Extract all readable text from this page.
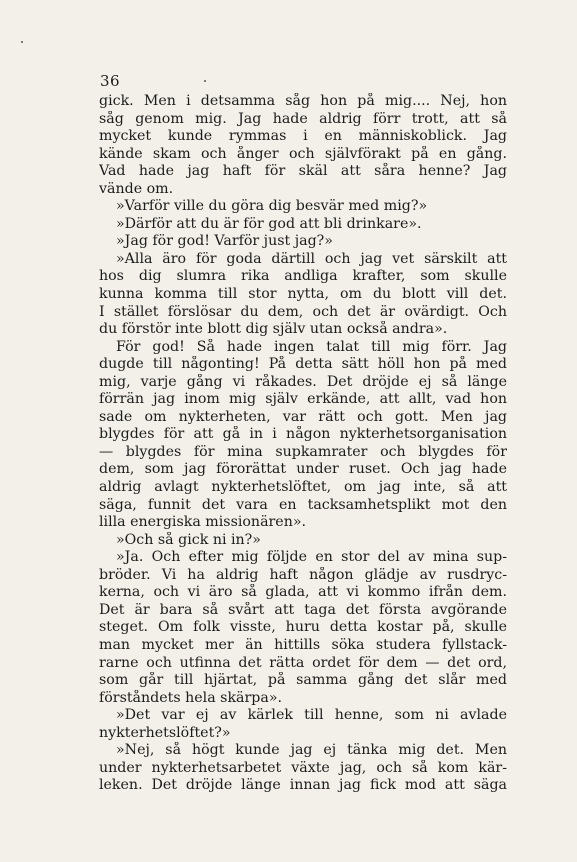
36
gick. Men i detsamma såg hon på mig.... Nej, hon
såg genom mig. Jag hade aldrig förr trott, att så
mycket kunde rymmas i en människoblick. Jag
kände skam och ånger och självförakt på en gång.
Vad hade jag haft för skäl att såra henne? Jag
vände om.
»Varför ville du göra dig besvär med mig?»
»Därför att du är för god att bli drinkare».
»Jag för god! Varför just jag?»
»Alla äro för goda därtill och jag vet särskilt att
hos dig slumra rika andliga krafter, som skulle
kunna komma till stor nytta, om du blott vill det.
I stället förslösar du dem, och det är ovärdigt. Och
du förstör inte blott dig själv utan också andra».
För god! Så hade ingen talat till mig förr. Jag
dugde till någonting! På detta sätt höll hon på med
mig, varje gång vi råkades. Det dröjde ej så länge
förrän jag inom mig själv erkände, att allt, vad hon
sade om nykterheten, var rätt och gott. Men jag
blygdes för att gå in i någon nykterhetsorganisation
— blygdes för mina supkamrater och blygdes för
dem, som jag förorättat under ruset. Och jag hade
aldrig avlagt nykterhetslöftet, om jag inte, så att
säga, funnit det vara en tacksamhetsplikt mot den
lilla energiska missionären».
»Och så gick ni in?»
»Ja. Och efter mig följde en stor del av mina sup-
bröder. Vi ha aldrig haft någon glädje av rusdryc-
kerna, och vi äro så glada, att vi kommo ifrån dem.
Det är bara så svårt att taga det första avgörande
steget. Om folk visste, huru detta kostar på, skulle
man mycket mer än hittills söka studera fyllstack-
rarne och utfinna det rätta ordet för dem — det ord,
som går till hjärtat, på samma gång det slår med
förståndets hela skärpa».
»Det var ej av kärlek till henne, som ni avlade
nykterhetslöftet?»
»Nej, så högt kunde jag ej tänka mig det. Men
under nykterhetsarbetet växte jag, och så kom kär-
leken. Det dröjde länge innan jag fick mod att säga
